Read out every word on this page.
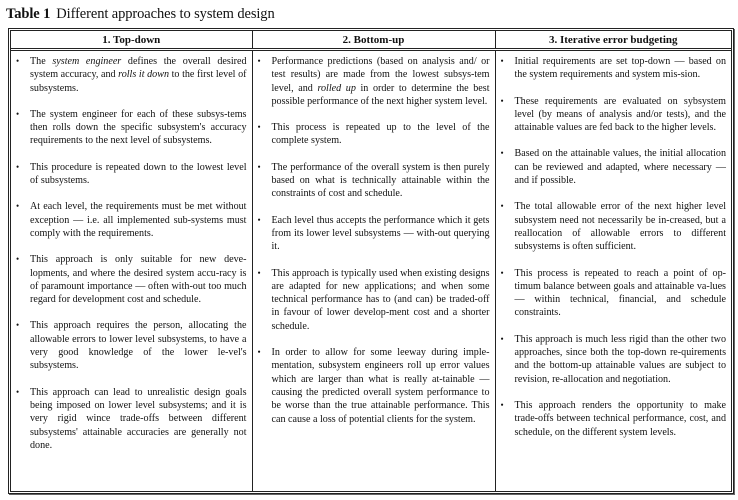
Table 1 Different approaches to system design
1. Top-down	2. Bottom-up	3. Iterative error budgeting

• The system engineer defines the overall desired system accuracy, and rolls it down to the first level of subsystems.
• The system engineer for each of these subsys-tems then rolls down the specific subsystem's accuracy requirements to the next level of subsystems.
• This procedure is repeated down to the lowest level of subsystems.
• At each level, the requirements must be met without exception — i.e. all implemented sub-systems must comply with the requirements.
• This approach is only suitable for new deve-lopments, and where the desired system accu-racy is of paramount importance — often with-out too much regard for development cost and schedule.
• This approach requires the person, allocating the allowable errors to lower level subsystems, to have a very good knowledge of the lower le-vel's subsystems.
• This approach can lead to unrealistic design goals being imposed on lower level subsystems; and it is very rigid wince trade-offs between different subsystems' attainable accuracies are generally not done.

• Performance predictions (based on analysis and/ or test results) are made from the lowest subsys-tem level, and rolled up in order to determine the best possible performance of the next higher system level.
• This process is repeated up to the level of the complete system.
• The performance of the overall system is then purely based on what is technically attainable within the constraints of cost and schedule.
• Each level thus accepts the performance which it gets from its lower level subsystems — with-out querying it.
• This approach is typically used when existing designs are adapted for new applications; and when some technical performance has to (and can) be traded-off in favour of lower develop-ment cost and a shorter schedule.
• In order to allow for some leeway during imple-mentation, subsystem engineers roll up error values which are larger than what is really at-tainable — causing the predicted overall system performance to be worse than the true attainable performance. This can cause a loss of potential clients for the system.

• Initial requirements are set top-down — based on the system requirements and system mis-sion.
• These requirements are evaluated on sybsystem level (by means of analysis and/or tests), and the attainable values are fed back to the higher levels.
• Based on the attainable values, the initial allocation can be reviewed and adapted, where necessary — and if possible.
• The total allowable error of the next higher level subsystem need not necessarily be in-creased, but a reallocation of allowable errors to different subsystems is often sufficient.
• This process is repeated to reach a point of op-timum balance between goals and attainable va-lues — within technical, financial, and schedule constraints.
• This approach is much less rigid than the other two approaches, since both the top-down re-quirements and the bottom-up attainable values are subject to revision, re-allocation and negotiation.
• This approach renders the opportunity to make trade-offs between technical performance, cost, and schedule, on the different system levels.
